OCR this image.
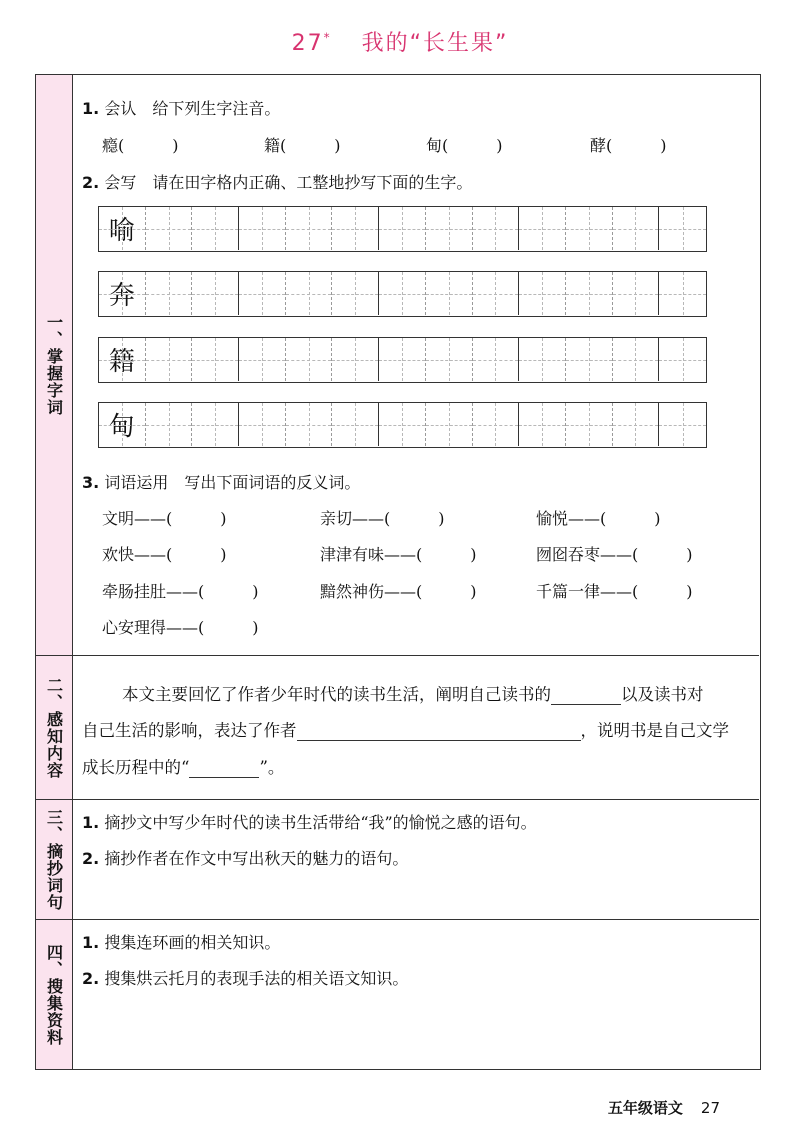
27* 我的“长生果”
一、掌握字词
1. 会认　 给下列生字注音。
瘾(　　　)	籍(　　　)	甸(　　　)	酵(　　　)
2. 会写　 请在田字格内正确、工整地抄写下面的生字。
喻
奔
籍
甸
3. 词语运用　 写出下面词语的反义词。
文明——(　　　)	亲切——(　　　)	愉悦——(　　　)
欢快——(　　　)	津津有味——(　　　)	囫囵吞枣——(　　　)
牵肠挂肚——(　　　)	黯然神伤——(　　　)	千篇一律——(　　　)
心安理得——(　　　)
二、感知内容	本文主要回忆了作者少年时代的读书生活，阐明自己读书的	以及读书对
自己生活的影响，表达了作者	，说明书是自己文学
成长历程中的“	”。
三、摘抄词句 1. 摘抄文中写少年时代的读书生活带给“我”的愉悦之感的语句。
2. 摘抄作者在作文中写出秋天的魅力的语句。
四、搜集资料
1. 搜集连环画的相关知识。
2. 搜集烘云托月的表现手法的相关语文知识。
五年级语文 27
